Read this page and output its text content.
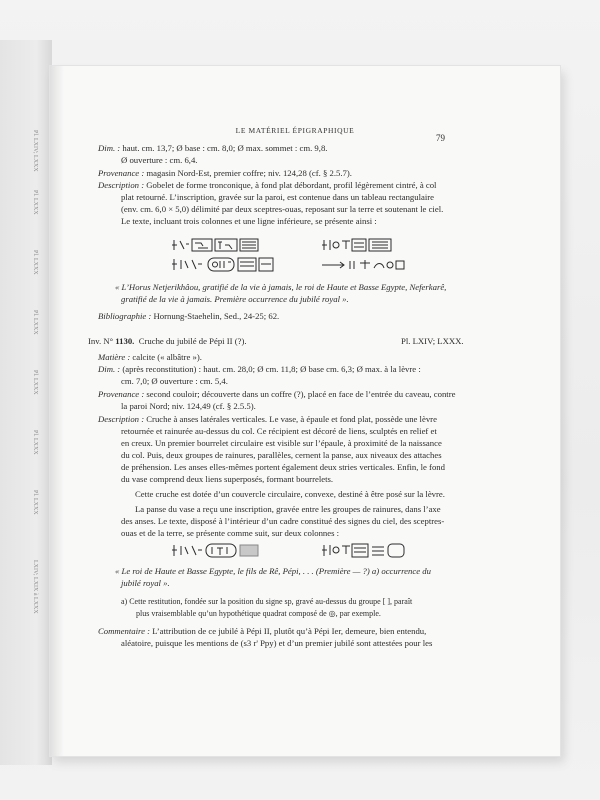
Pl. LXIV; LXXX
Pl. LXXX
Pl. LXXX
Pl. LXXX
Pl. LXXX
Pl. LXXX
Pl. LXXX
LXIV; LXIX à LXXX
LE MATÉRIEL ÉPIGRAPHIQUE
79
Dim. : haut. cm. 13,7; Ø base : cm. 8,0; Ø max. sommet : cm. 9,8.
Ø ouverture : cm. 6,4.
Provenance : magasin Nord-Est, premier coffre; niv. 124,28 (cf. § 2.5.7).
Description : Gobelet de forme tronconique, à fond plat débordant, profil légèrement cintré, à col
plat retourné. L’inscription, gravée sur la paroi, est contenue dans un tableau rectangulaire
(env. cm. 6,0 × 5,0) délimité par deux sceptres-ouas, reposant sur la terre et soutenant le ciel.
Le texte, incluant trois colonnes et une ligne inférieure, se présente ainsi :
« L’Horus Netjerikhâou, gratifié de la vie à jamais, le roi de Haute et Basse Egypte, Neferkarê,
gratifié de la vie à jamais. Première occurrence du jubilé royal ».
Bibliographie : Hornung-Staehelin, Sed., 24-25; 62.
Inv. N° 1130. Cruche du jubilé de Pépi II (?).	Pl. LXIV; LXXX.
Matière : calcite (« albâtre »).
Dim. : (après reconstitution) : haut. cm. 28,0; Ø cm. 11,8; Ø base cm. 6,3; Ø max. à la lèvre :
cm. 7,0; Ø ouverture : cm. 5,4.
Provenance : second couloir; découverte dans un coffre (?), placé en face de l’entrée du caveau, contre
la paroi Nord; niv. 124,49 (cf. § 2.5.5).
Description : Cruche à anses latérales verticales. Le vase, à épaule et fond plat, possède une lèvre
retournée et rainurée au-dessus du col. Ce récipient est décoré de liens, sculptés en relief et
en creux. Un premier bourrelet circulaire est visible sur l’épaule, à proximité de la naissance
du col. Puis, deux groupes de rainures, parallèles, cernent la panse, aux niveaux des attaches
de préhension. Les anses elles-mêmes portent également deux stries verticales. Enfin, le fond
du vase comprend deux liens superposés, formant bourrelets.
Cette cruche est dotée d’un couvercle circulaire, convexe, destiné à être posé sur la lèvre.
La panse du vase a reçu une inscription, gravée entre les groupes de rainures, dans l’axe
des anses. Le texte, disposé à l’intérieur d’un cadre constitué des signes du ciel, des sceptres-
ouas et de la terre, se présente comme suit, sur deux colonnes :
« Le roi de Haute et Basse Egypte, le fils de Rê, Pépi, . . . (Première — ?) a) occurrence du
jubilé royal ».
a) Cette restitution, fondée sur la position du signe sp, gravé au-dessus du groupe [ ], paraît
plus vraisemblable qu’un hypothétique quadrat composé de ◎, par exemple.
Commentaire : L’attribution de ce jubilé à Pépi II, plutôt qu’à Pépi Ier, demeure, bien entendu,
aléatoire, puisque les mentions de (s3 r' Ppy) et d’un premier jubilé sont attestées pour les
